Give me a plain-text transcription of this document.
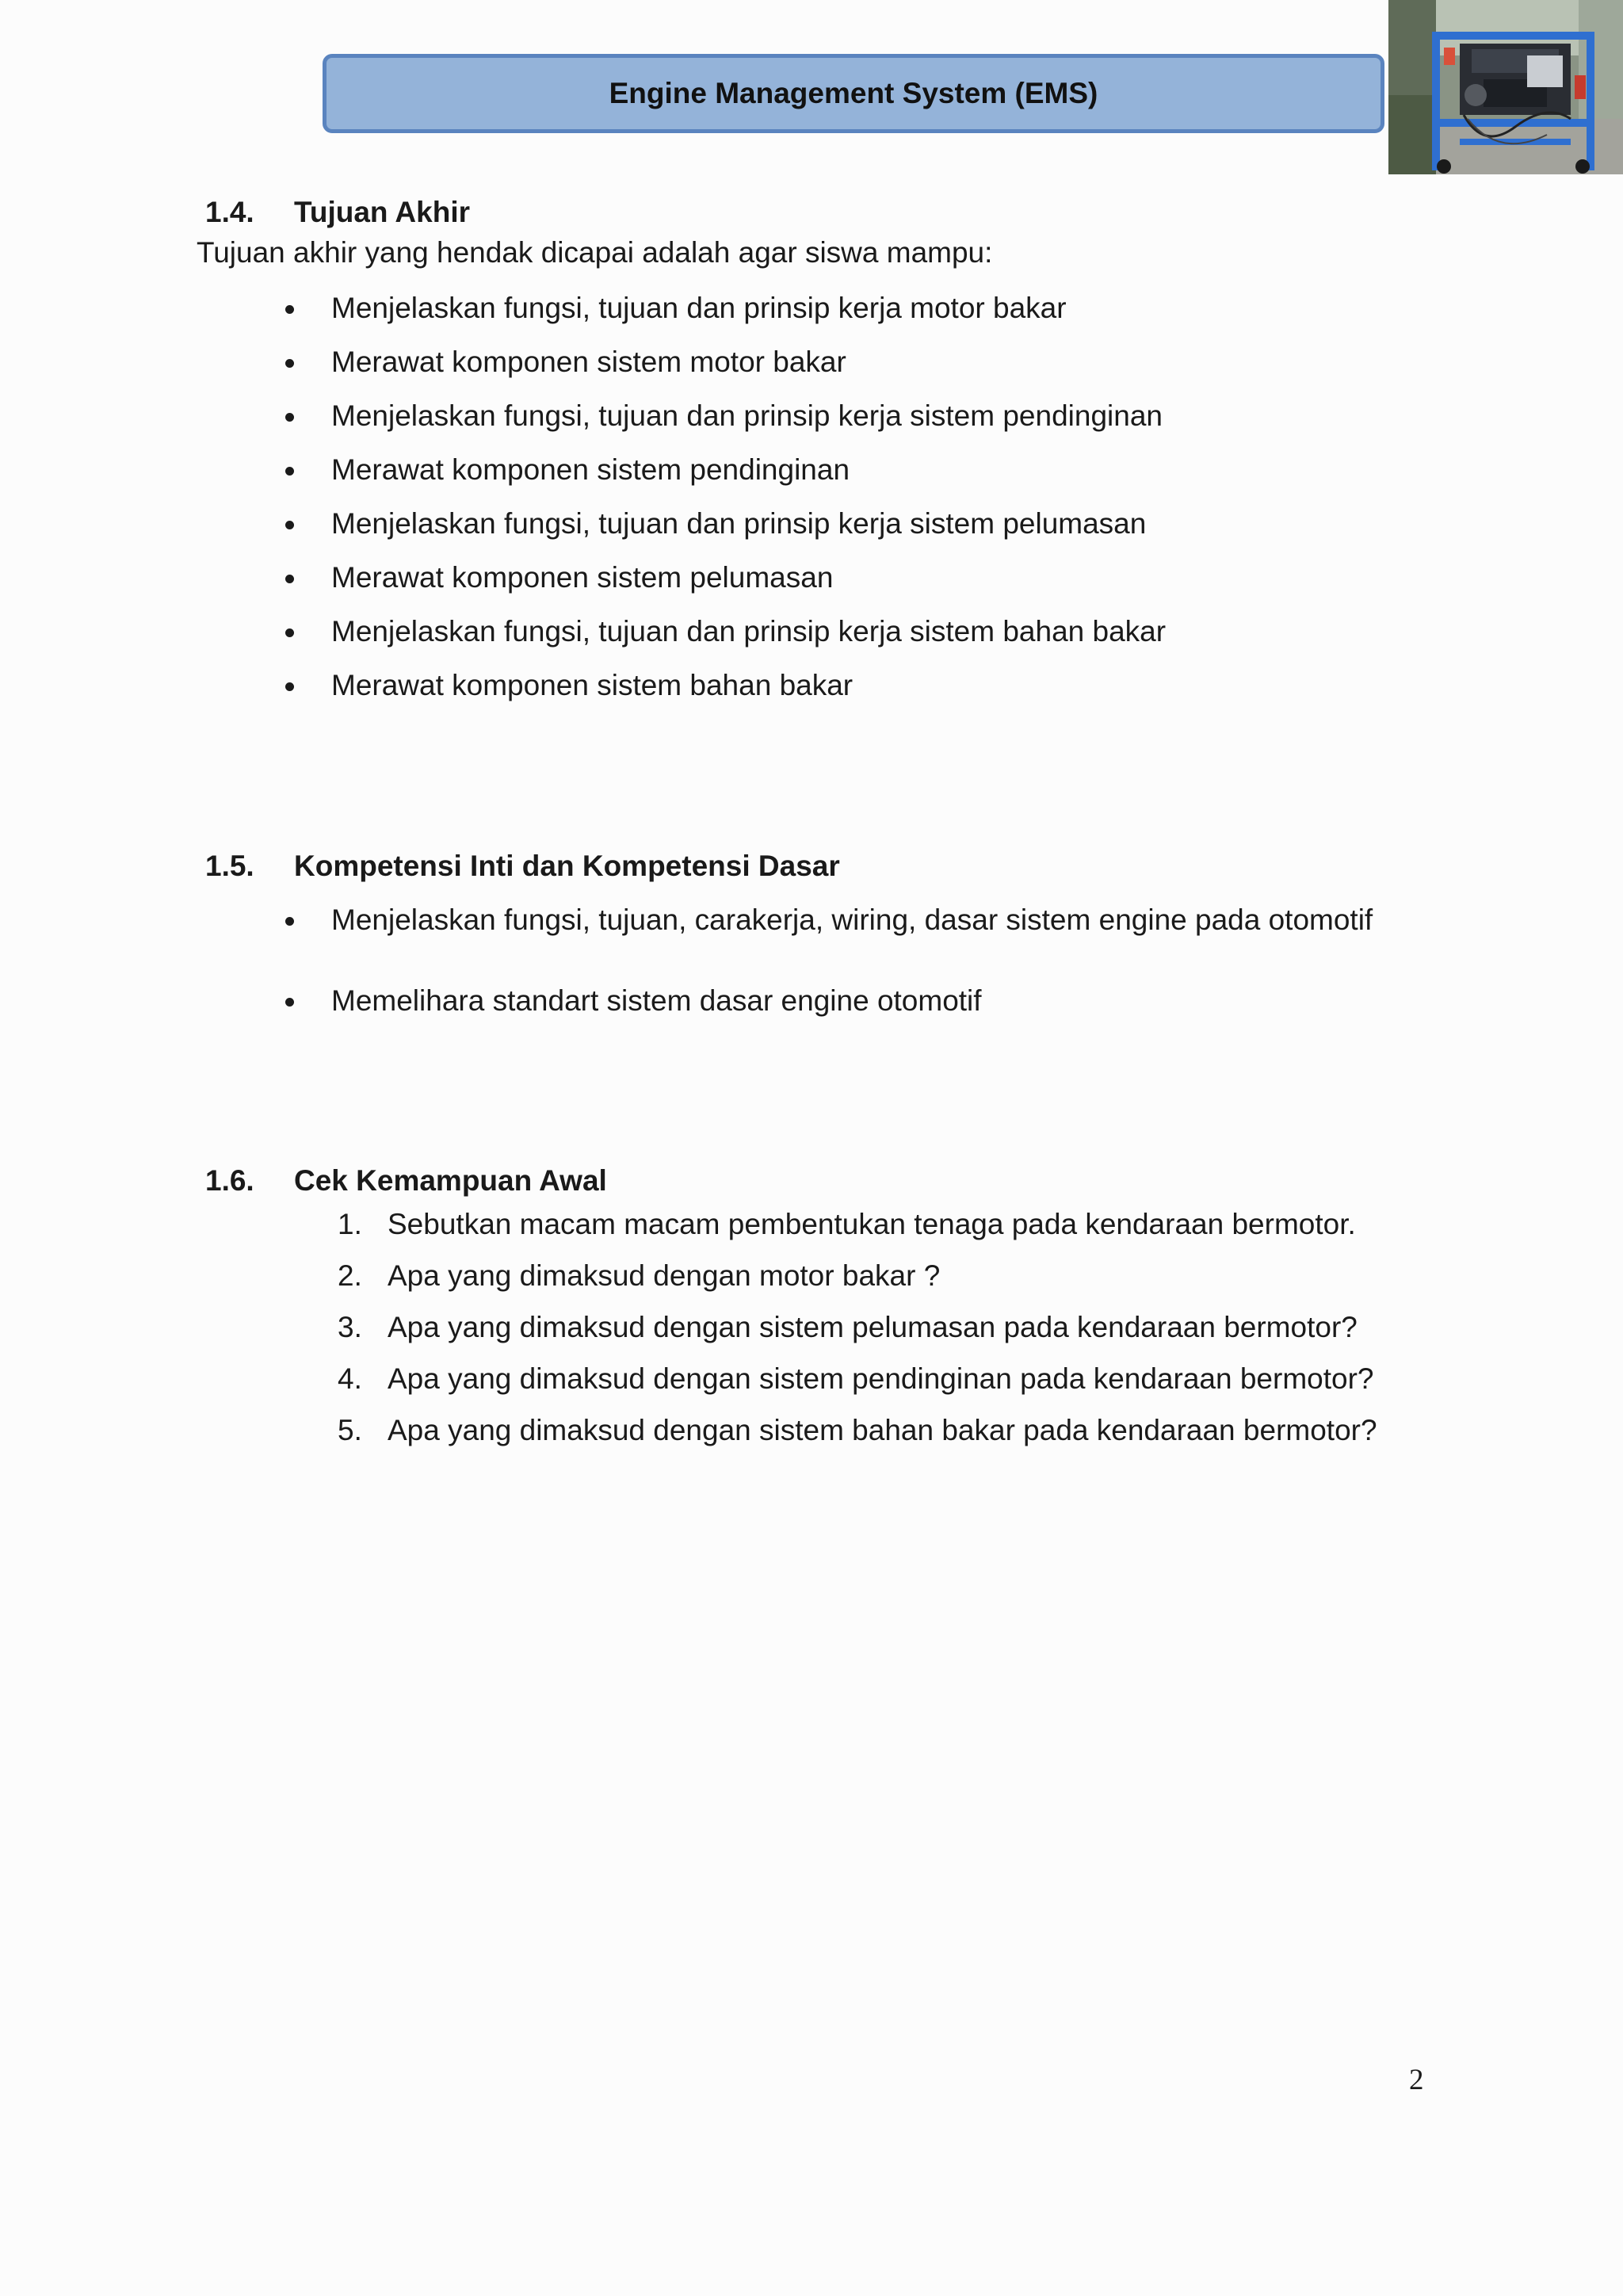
Engine Management System (EMS)
1.4. Tujuan Akhir
Tujuan akhir yang hendak dicapai adalah agar siswa mampu:
Menjelaskan fungsi, tujuan dan prinsip kerja motor bakar
Merawat komponen sistem motor bakar
Menjelaskan fungsi, tujuan dan prinsip kerja sistem pendinginan
Merawat komponen sistem pendinginan
Menjelaskan fungsi, tujuan dan prinsip kerja sistem pelumasan
Merawat komponen sistem pelumasan
Menjelaskan fungsi, tujuan dan prinsip kerja sistem bahan bakar
Merawat komponen sistem bahan bakar
1.5. Kompetensi Inti dan Kompetensi Dasar
Menjelaskan fungsi, tujuan, carakerja, wiring, dasar sistem engine pada otomotif
Memelihara standart sistem dasar engine otomotif
1.6. Cek Kemampuan Awal
1. Sebutkan macam macam pembentukan tenaga pada kendaraan bermotor.
2. Apa yang dimaksud dengan motor bakar ?
3. Apa yang dimaksud dengan sistem pelumasan pada kendaraan bermotor?
4. Apa yang dimaksud dengan sistem pendinginan pada kendaraan bermotor?
5. Apa yang dimaksud dengan sistem bahan bakar pada kendaraan bermotor?
2
